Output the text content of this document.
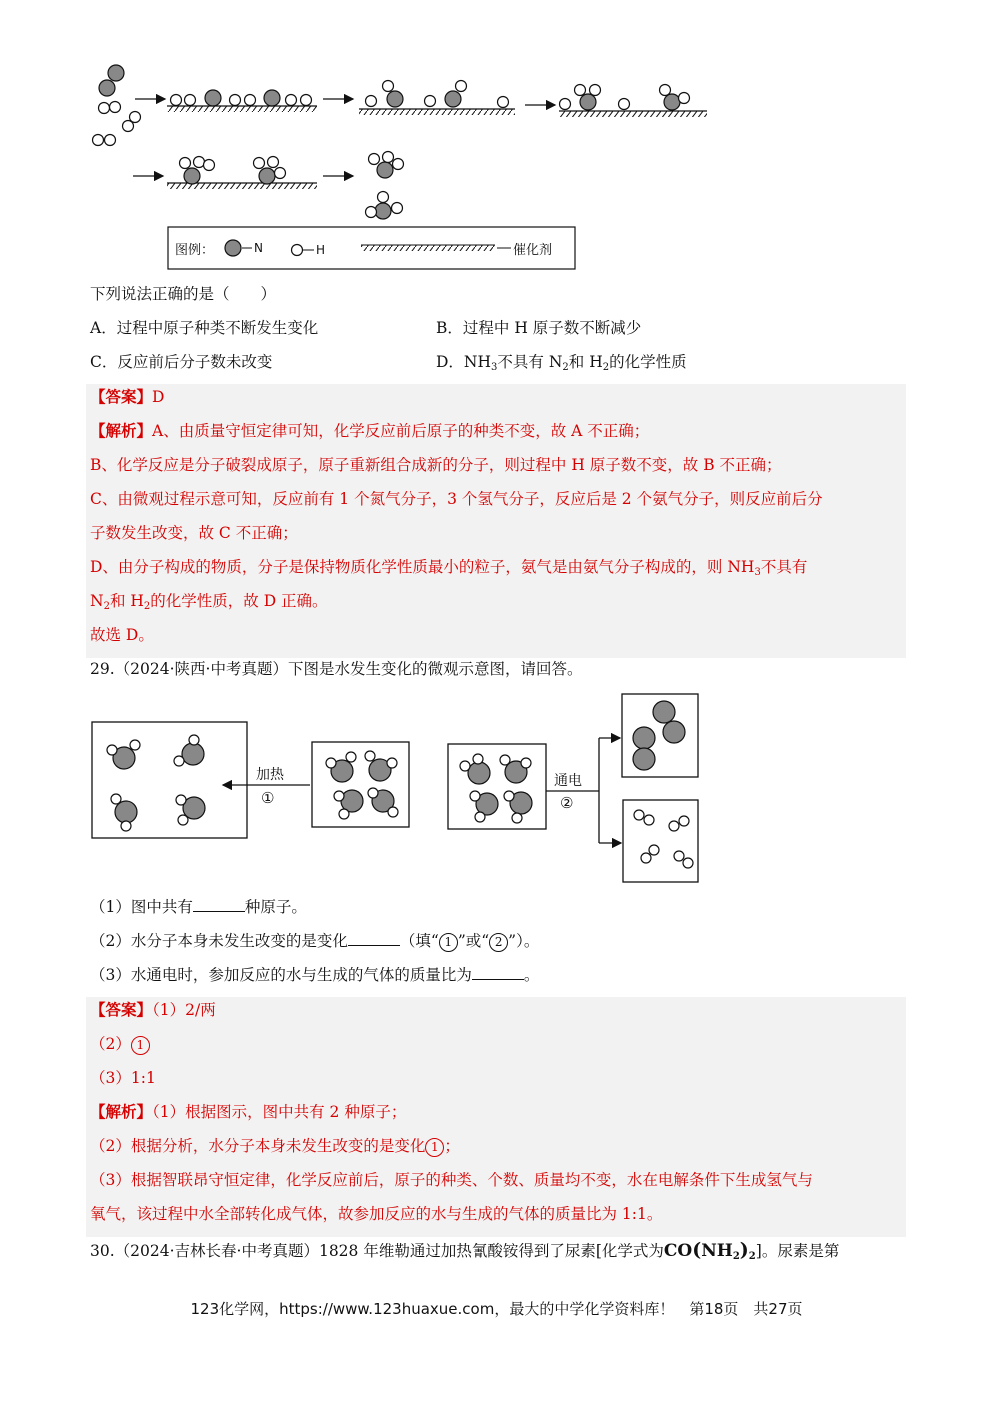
图例：	N	H	催化剂
下列说法正确的是（　　）
A．过程中原子种类不断发生变化	B．过程中 H 原子数不断减少
C．反应前后分子数未改变	D．$NH_3$不具有 $N_2$和 $H_2$的化学性质
【答案】D
【解析】A、由质量守恒定律可知，化学反应前后原子的种类不变，故 A 不正确；
B、化学反应是分子破裂成原子，原子重新组合成新的分子，则过程中 H 原子数不变，故 B 不正确；
C、由微观过程示意可知，反应前有 1 个氮气分子，3 个氢气分子，反应后是 2 个氨气分子，则反应前后分
子数发生改变，故 C 不正确；
D、由分子构成的物质，分子是保持物质化学性质最小的粒子，氨气是由氨气分子构成的，则 $NH_3$不具有
$N_2$和 $H_2$的化学性质，故 D 正确。
故选 D。
29.（2024·陕西·中考真题）下图是水发生变化的微观示意图，请回答。
加热
①
通电
②
（1）图中共有	种原子。
（2）水分子本身未发生改变的是变化	（填“ 1 ”或“ 2 ”）。
（3）水通电时，参加反应的水与生成的气体的质量比为	。
【答案】（1）2/两
（2） 1
（3）1:1
【解析】（1）根据图示，图中共有 2 种原子；
（2）根据分析，水分子本身未发生改变的是变化 1 ；
（3）根据智联昂守恒定律，化学反应前后，原子的种类、个数、质量均不变，水在电解条件下生成氢气与
氧气，该过程中水全部转化成气体，故参加反应的水与生成的气体的质量比为 1:1。
30.（2024·吉林长春·中考真题）1828 年维勒通过加热氰酸铵得到了尿素[化学式为$CO(NH_2)_2$]。尿素是第
123化学网，https://www.123huaxue.com，最大的中学化学资料库！　第18页　共27页
